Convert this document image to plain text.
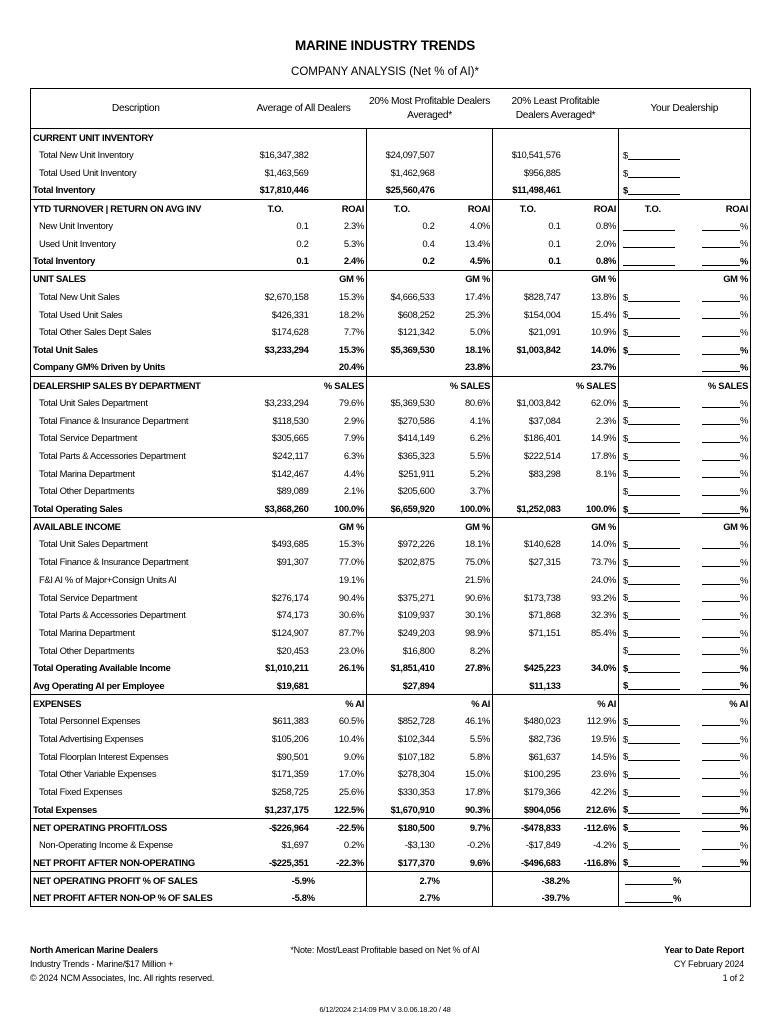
MARINE INDUSTRY TRENDS
COMPANY ANALYSIS (Net % of AI)*
Description	Average of All Dealers		20% Most Profitable Dealers Averaged*		20% Least Profitable Dealers Averaged*		Your Dealership	
CURRENT UNIT INVENTORY								
Total New Unit Inventory	$16,347,382		$24,097,507		$10,541,576		$	
Total Used Unit Inventory	$1,463,569		$1,462,968		$956,885		$	
Total Inventory	$17,810,446		$25,560,476		$11,498,461		$	
YTD TURNOVER | RETURN ON AVG INV	T.O.	ROAI	T.O.	ROAI	T.O.	ROAI	T.O.	ROAI
New Unit Inventory	0.1	2.3%	0.2	4.0%	0.1	0.8%		%
Used Unit Inventory	0.2	5.3%	0.4	13.4%	0.1	2.0%		%
Total Inventory	0.1	2.4%	0.2	4.5%	0.1	0.8%		%
UNIT SALES		GM %		GM %		GM %		GM %
Total New Unit Sales	$2,670,158	15.3%	$4,666,533	17.4%	$828,747	13.8%	$	%
Total Used Unit Sales	$426,331	18.2%	$608,252	25.3%	$154,004	15.4%	$	%
Total Other Sales Dept Sales	$174,628	7.7%	$121,342	5.0%	$21,091	10.9%	$	%
Total Unit Sales	$3,233,294	15.3%	$5,369,530	18.1%	$1,003,842	14.0%	$	%
Company GM% Driven by Units		20.4%		23.8%		23.7%		%
DEALERSHIP SALES BY DEPARTMENT		% SALES		% SALES		% SALES		% SALES
Total Unit Sales Department	$3,233,294	79.6%	$5,369,530	80.6%	$1,003,842	62.0%	$	%
Total Finance & Insurance Department	$118,530	2.9%	$270,586	4.1%	$37,084	2.3%	$	%
Total Service Department	$305,665	7.9%	$414,149	6.2%	$186,401	14.9%	$	%
Total Parts & Accessories Department	$242,117	6.3%	$365,323	5.5%	$222,514	17.8%	$	%
Total Marina Department	$142,467	4.4%	$251,911	5.2%	$83,298	8.1%	$	%
Total Other Departments	$89,089	2.1%	$205,600	3.7%			$	%
Total Operating Sales	$3,868,260	100.0%	$6,659,920	100.0%	$1,252,083	100.0%	$	%
AVAILABLE INCOME		GM %		GM %		GM %		GM %
Total Unit Sales Department	$493,685	15.3%	$972,226	18.1%	$140,628	14.0%	$	%
Total Finance & Insurance Department	$91,307	77.0%	$202,875	75.0%	$27,315	73.7%	$	%
F&I AI % of Major+Consign Units AI		19.1%		21.5%		24.0%	$	%
Total Service Department	$276,174	90.4%	$375,271	90.6%	$173,738	93.2%	$	%
Total Parts & Accessories Department	$74,173	30.6%	$109,937	30.1%	$71,868	32.3%	$	%
Total Marina Department	$124,907	87.7%	$249,203	98.9%	$71,151	85.4%	$	%
Total Other Departments	$20,453	23.0%	$16,800	8.2%			$	%
Total Operating Available Income	$1,010,211	26.1%	$1,851,410	27.8%	$425,223	34.0%	$	%
Avg Operating AI per Employee	$19,681		$27,894		$11,133		$	%
EXPENSES		% AI		% AI		% AI		% AI
Total Personnel Expenses	$611,383	60.5%	$852,728	46.1%	$480,023	112.9%	$	%
Total Advertising Expenses	$105,206	10.4%	$102,344	5.5%	$82,736	19.5%	$	%
Total Floorplan Interest Expenses	$90,501	9.0%	$107,182	5.8%	$61,637	14.5%	$	%
Total Other Variable Expenses	$171,359	17.0%	$278,304	15.0%	$100,295	23.6%	$	%
Total Fixed Expenses	$258,725	25.6%	$330,353	17.8%	$179,366	42.2%	$	%
Total Expenses	$1,237,175	122.5%	$1,670,910	90.3%	$904,056	212.6%	$	%
NET OPERATING PROFIT/LOSS	-$226,964	-22.5%	$180,500	9.7%	-$478,833	-112.6%	$	%
Non-Operating Income & Expense	$1,697	0.2%	-$3,130	-0.2%	-$17,849	-4.2%	$	%
NET PROFIT AFTER NON-OPERATING	-$225,351	-22.3%	$177,370	9.6%	-$496,683	-116.8%	$	%
NET OPERATING PROFIT % OF SALES	-5.9%		2.7%		-38.2%		%	
NET PROFIT AFTER NON-OP % OF SALES	-5.8%		2.7%		-39.7%		%	
North American Marine Dealers
Industry Trends - Marine/$17 Million +
© 2024 NCM Associates, Inc. All rights reserved.
*Note: Most/Least Profitable based on Net % of AI
6/12/2024 2:14:09 PM V 3.0.06.18.20 / 48
Year to Date Report
CY February 2024
1 of 2
